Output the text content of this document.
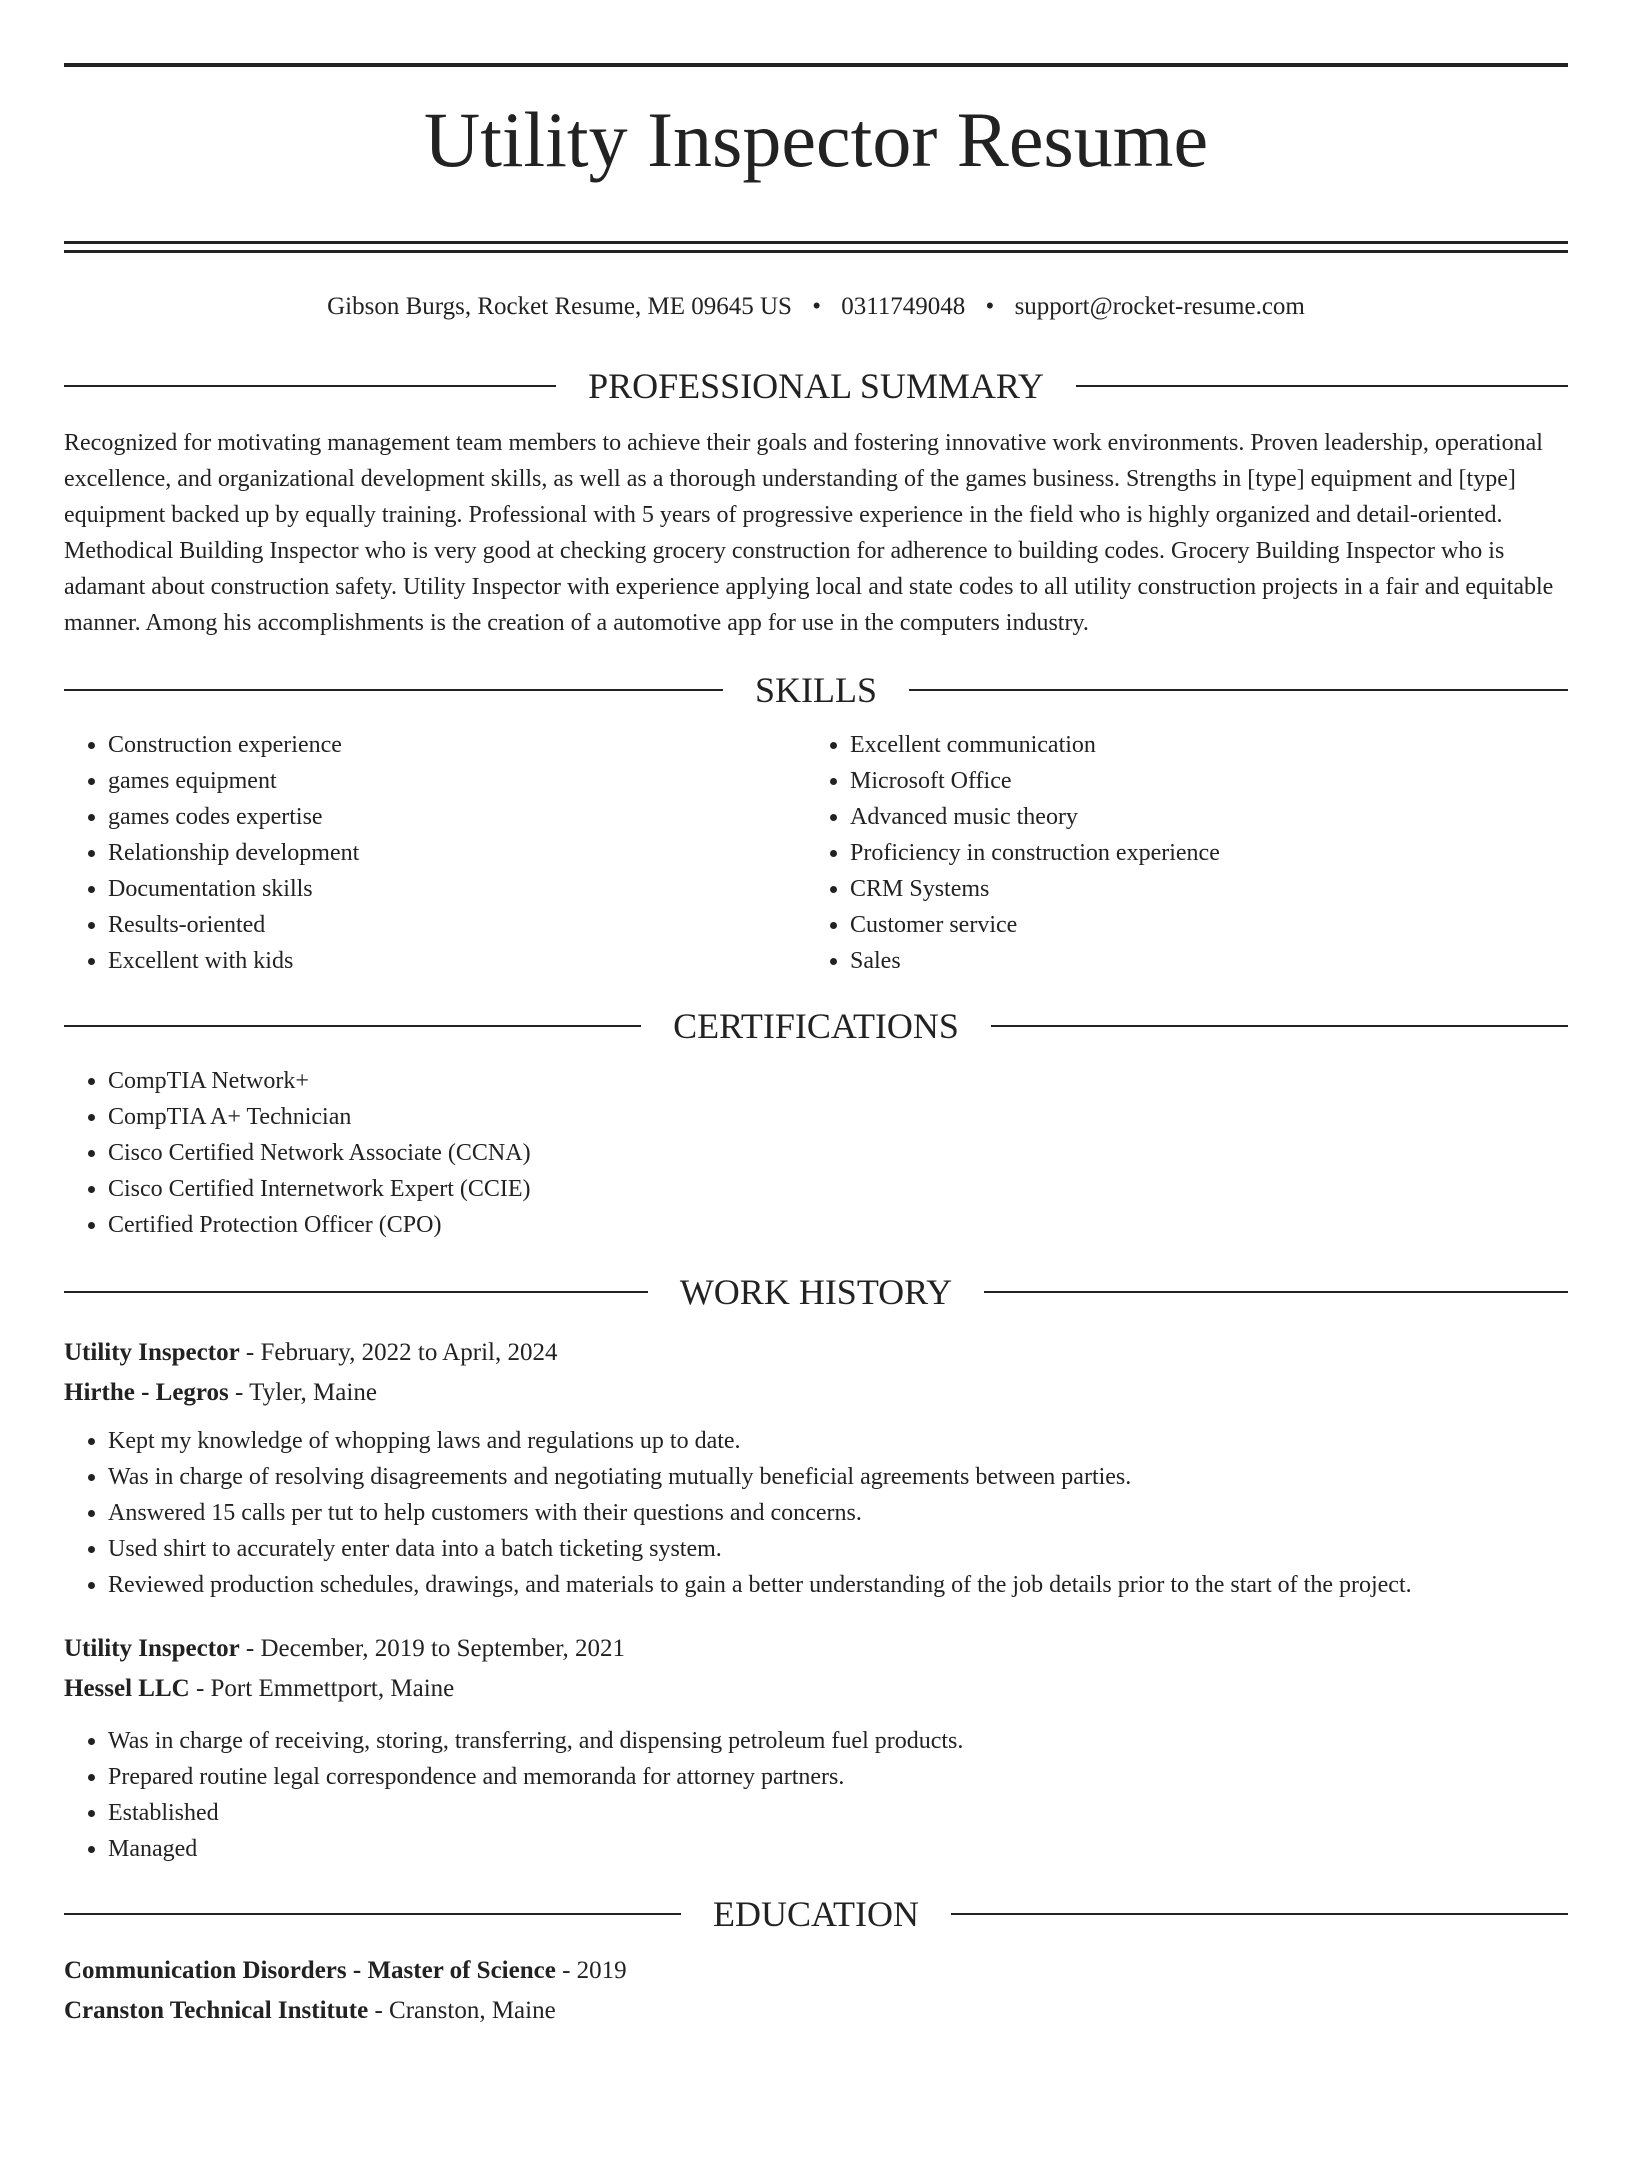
Utility Inspector Resume
Gibson Burgs, Rocket Resume, ME 09645 US • 0311749048 • support@rocket-resume.com
PROFESSIONAL SUMMARY

Recognized for motivating management team members to achieve their goals and fostering innovative work environments. Proven leadership, operational excellence, and organizational development skills, as well as a thorough understanding of the games business. Strengths in [type] equipment and [type] equipment backed up by equally training. Professional with 5 years of progressive experience in the field who is highly organized and detail-oriented. Methodical Building Inspector who is very good at checking grocery construction for adherence to building codes. Grocery Building Inspector who is adamant about construction safety. Utility Inspector with experience applying local and state codes to all utility construction projects in a fair and equitable manner. Among his accomplishments is the creation of a automotive app for use in the computers industry.

SKILLS
• Construction experience
• games equipment
• games codes expertise
• Relationship development
• Documentation skills
• Results-oriented
• Excellent with kids
• Excellent communication
• Microsoft Office
• Advanced music theory
• Proficiency in construction experience
• CRM Systems
• Customer service
• Sales
CERTIFICATIONS
• CompTIA Network+
• CompTIA A+ Technician
• Cisco Certified Network Associate (CCNA)
• Cisco Certified Internetwork Expert (CCIE)
• Certified Protection Officer (CPO)
WORK HISTORY
Utility Inspector - February, 2022 to April, 2024
Hirthe - Legros - Tyler, Maine
• Kept my knowledge of whopping laws and regulations up to date.
• Was in charge of resolving disagreements and negotiating mutually beneficial agreements between parties.
• Answered 15 calls per tut to help customers with their questions and concerns.
• Used shirt to accurately enter data into a batch ticketing system.
• Reviewed production schedules, drawings, and materials to gain a better understanding of the job details prior to the start of the project.
Utility Inspector - December, 2019 to September, 2021
Hessel LLC - Port Emmettport, Maine
• Was in charge of receiving, storing, transferring, and dispensing petroleum fuel products.
• Prepared routine legal correspondence and memoranda for attorney partners.
• Established
• Managed
EDUCATION
Communication Disorders - Master of Science - 2019
Cranston Technical Institute - Cranston, Maine
